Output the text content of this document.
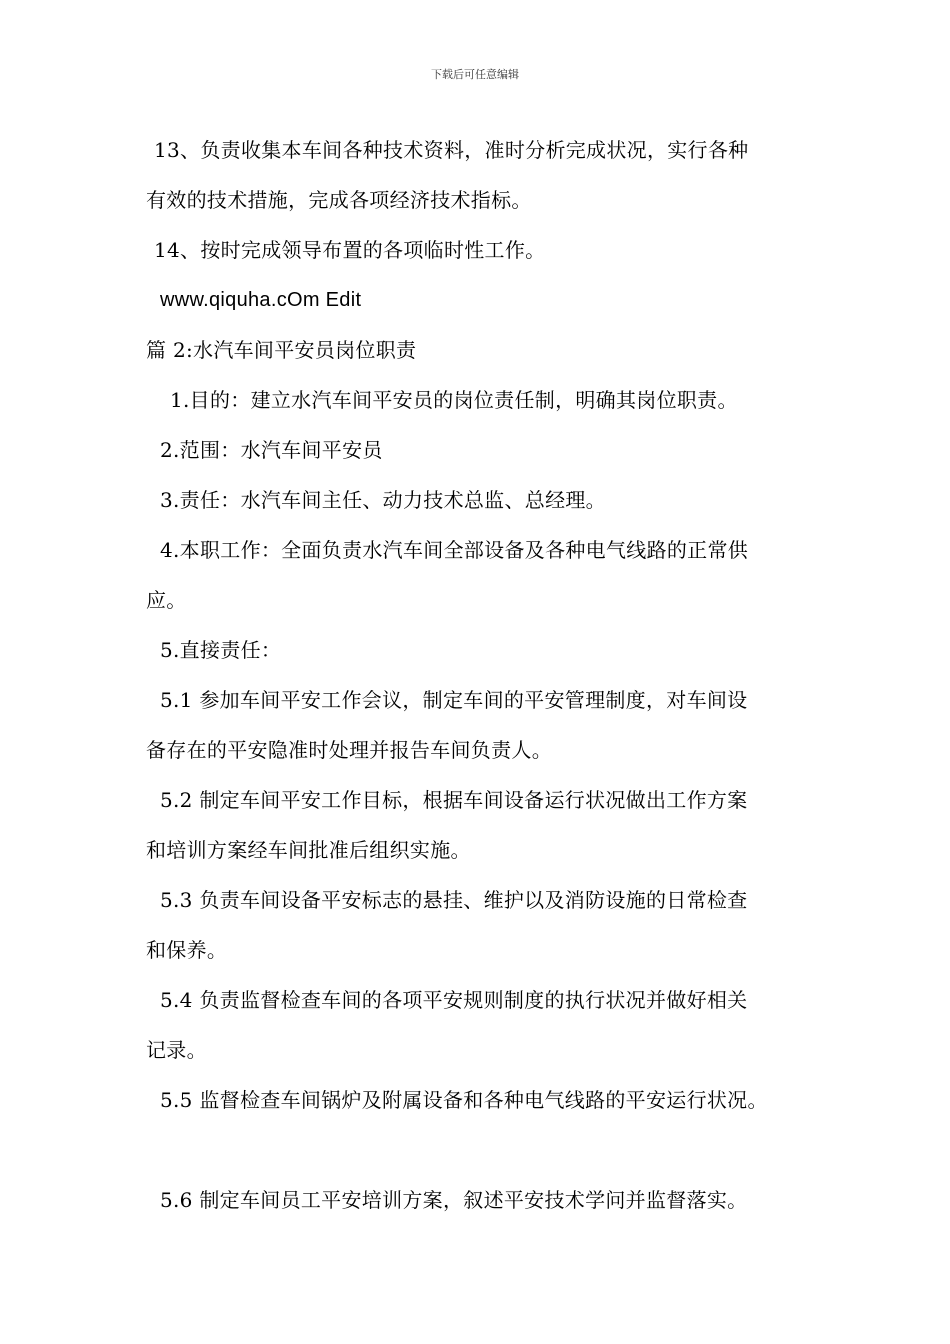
下载后可任意编辑
13、负责收集本车间各种技术资料，准时分析完成状况，实行各种
有效的技术措施，完成各项经济技术指标。
14、按时完成领导布置的各项临时性工作。
www.qiquha.cOm Edit
篇 2:水汽车间平安员岗位职责
1.目的：建立水汽车间平安员的岗位责任制，明确其岗位职责。
2.范围：水汽车间平安员
3.责任：水汽车间主任、动力技术总监、总经理。
4.本职工作：全面负责水汽车间全部设备及各种电气线路的正常供
应。
5.直接责任：
5.1 参加车间平安工作会议，制定车间的平安管理制度，对车间设
备存在的平安隐准时处理并报告车间负责人。
5.2 制定车间平安工作目标，根据车间设备运行状况做出工作方案
和培训方案经车间批准后组织实施。
5.3 负责车间设备平安标志的悬挂、维护以及消防设施的日常检查
和保养。
5.4 负责监督检查车间的各项平安规则制度的执行状况并做好相关
记录。
5.5 监督检查车间锅炉及附属设备和各种电气线路的平安运行状况。
5.6 制定车间员工平安培训方案，叙述平安技术学问并监督落实。
